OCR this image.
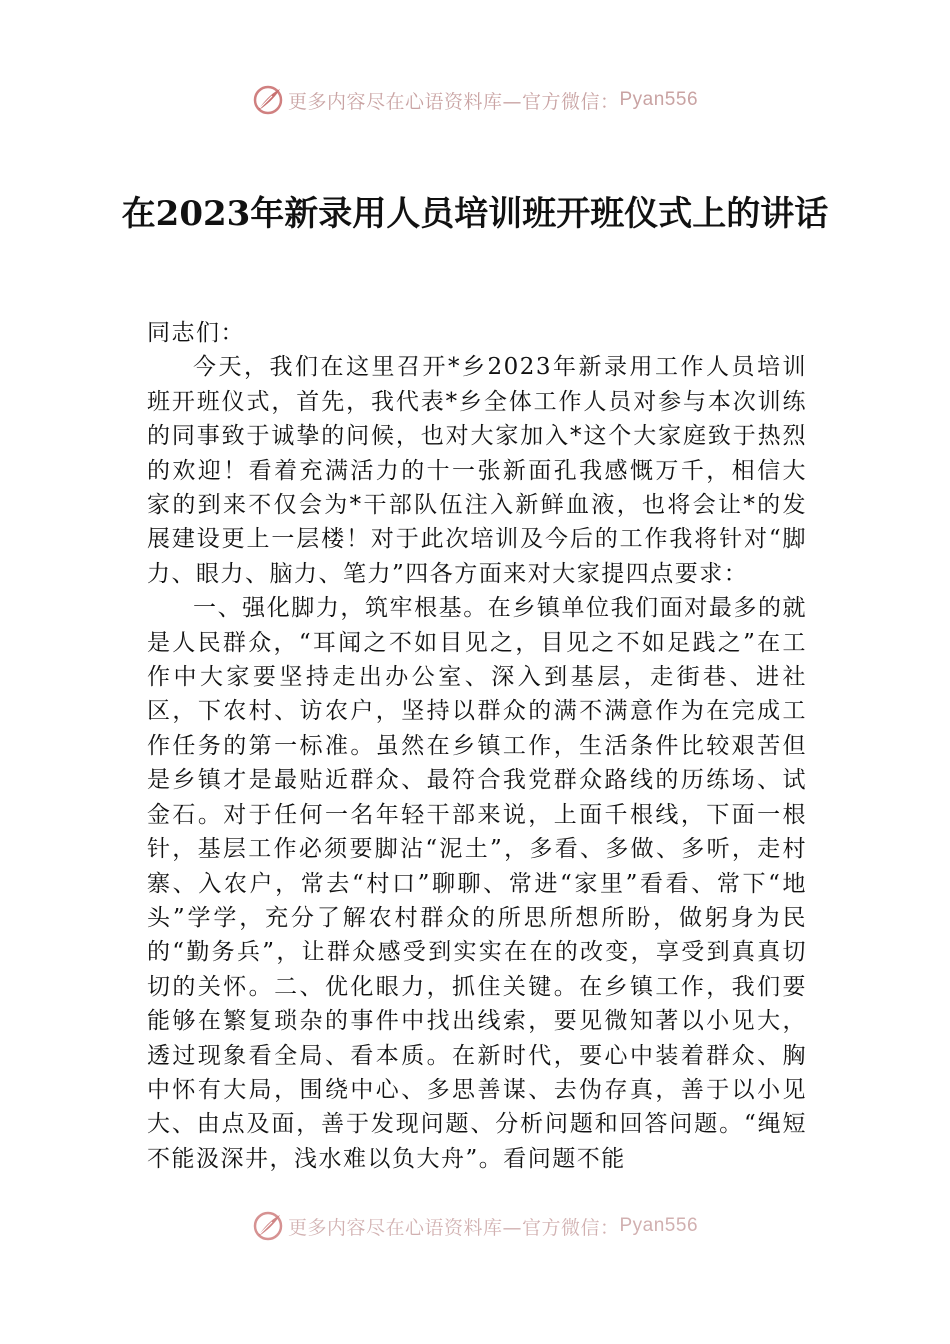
更多内容尽在心语资料库—官方微信： Pyan556
在2023年新录用人员培训班开班仪式上的讲话

同志们：

今天，我们在这里召开*乡2023年新录用工作人员培训班开班仪式，首先，我代表*乡全体工作人员对参与本次训练的同事致于诚挚的问候，也对大家加入*这个大家庭致于热烈的欢迎！看着充满活力的十一张新面孔我感慨万千，相信大家的到来不仅会为*干部队伍注入新鲜血液，也将会让*的发展建设更上一层楼！对于此次培训及今后的工作我将针对“脚力、眼力、脑力、笔力”四各方面来对大家提四点要求：

一、强化脚力，筑牢根基。在乡镇单位我们面对最多的就是人民群众，“耳闻之不如目见之，目见之不如足践之”在工作中大家要坚持走出办公室、深入到基层，走街巷、进社区，下农村、访农户，坚持以群众的满不满意作为在完成工作任务的第一标准。虽然在乡镇工作，生活条件比较艰苦但是乡镇才是最贴近群众、最符合我党群众路线的历练场、试金石。对于任何一名年轻干部来说，上面千根线，下面一根针，基层工作必须要脚沾“泥土”，多看、多做、多听，走村寨、入农户，常去“村口”聊聊、常进“家里”看看、常下“地头”学学，充分了解农村群众的所思所想所盼，做躬身为民的“勤务兵”，让群众感受到实实在在的改变，享受到真真切切的关怀。二、优化眼力，抓住关键。在乡镇工作，我们要能够在繁复琐杂的事件中找出线索，要见微知著以小见大，透过现象看全局、看本质。在新时代，要心中装着群众、胸中怀有大局，围绕中心、多思善谋、去伪存真，善于以小见大、由点及面，善于发现问题、分析问题和回答问题。“绳短不能汲深井，浅水难以负大舟”。看问题不能

更多内容尽在心语资料库—官方微信： Pyan556
